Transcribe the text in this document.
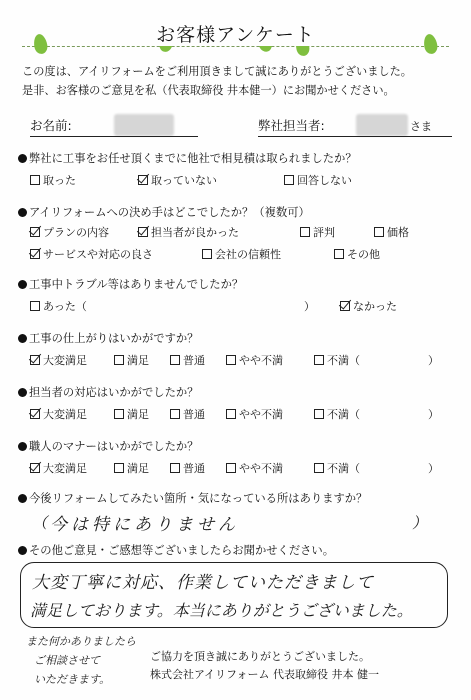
お客様アンケート
この度は、アイリフォームをご利用頂きまして誠にありがとうございました。
是非、お客様のご意見を私（代表取締役 井本健一）にお聞かせください。
お名前:	弊社担当者:	さま
弊社に工事をお任せ頂くまでに他社で相見積は取られましたか？
取った	取っていない	回答しない
アイリフォームへの決め手はどこでしたか？（複数可）
プランの内容	担当者が良かった	評判	価格
サービスや対応の良さ	会社の信頼性	その他
工事中トラブル等はありませんでしたか？
あった（	）	なかった
工事の仕上がりはいかがですか？
大変満足	満足	普通	やや不満	不満（	）
担当者の対応はいかがでしたか？
大変満足	満足	普通	やや不満	不満（	）
職人のマナーはいかがでしたか？
大変満足	満足	普通	やや不満	不満（	）
今後リフォームしてみたい箇所・気になっている所はありますか？
（ 今は特にありません	）
その他ご意見・ご感想等ございましたらお聞かせください。
大変丁寧に対応、作業していただきまして
満足しております。本当にありがとうございました。
また何かありましたら
ご相談させて
いただきます。
ご協力を頂き誠にありがとうございました。
株式会社アイリフォーム 代表取締役 井本 健一
